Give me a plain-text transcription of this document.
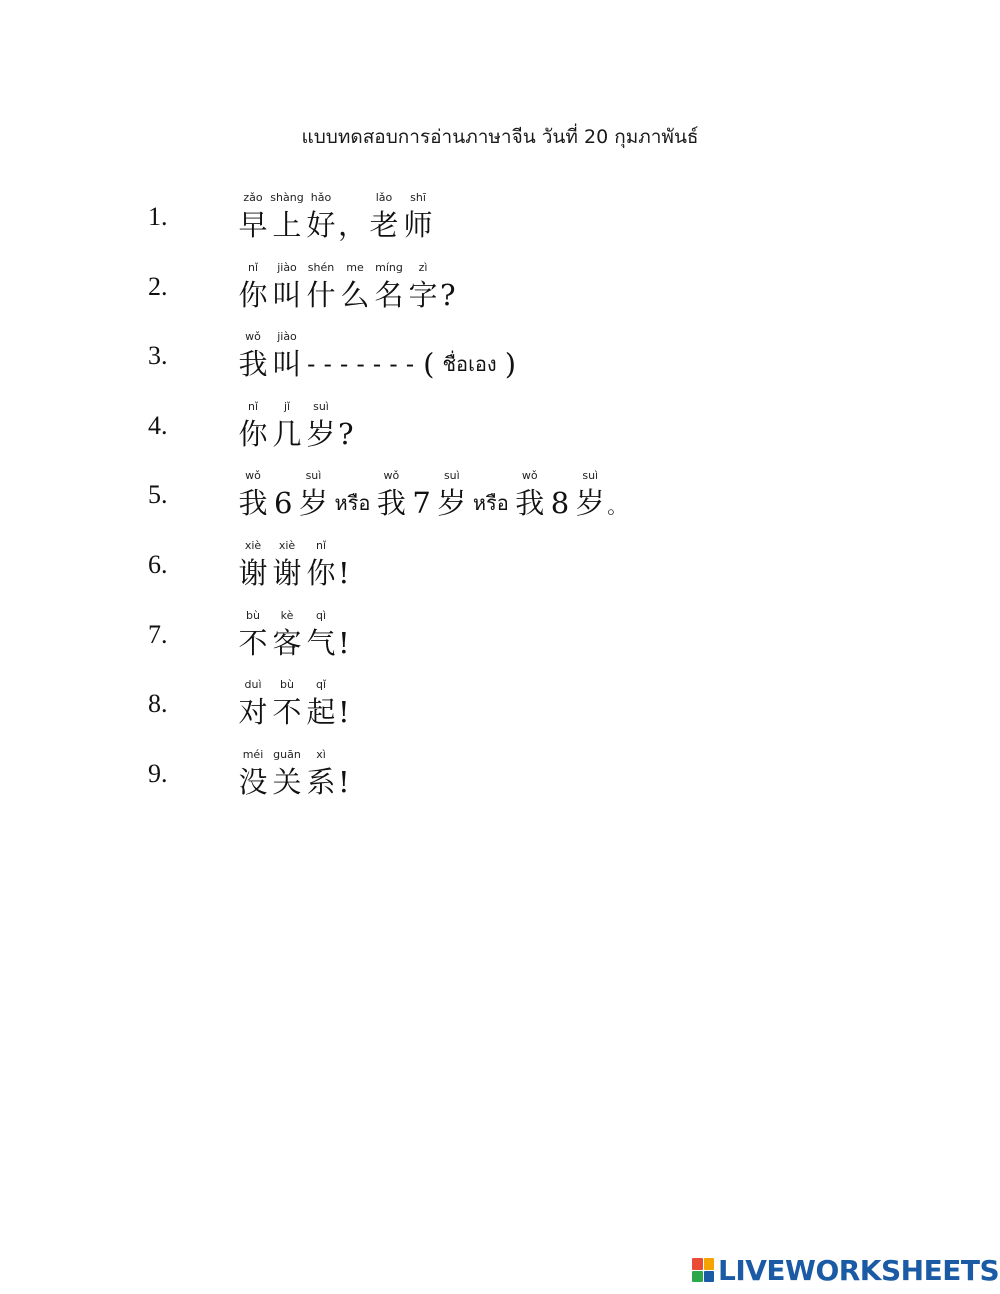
แบบทดสอบการอ่านภาษาจีน วันที่ 20 กุมภาพันธ์
1.
zǎo
早
shàng
上
hǎo
好 ，
lǎo
老
shī
师
2.
nǐ
你
jiào
叫
shén
什
me
么
míng
名
zì
字 ?
3.
wǒ
我
jiào
叫 ------- ( ชื่อเอง )
4.
nǐ
你
jǐ
几
suì
岁 ?
5.
wǒ
我 6
suì
岁 หรือ
wǒ
我 7
suì
岁 หรือ
wǒ
我 8
suì
岁 。
6.
xiè
谢
xiè
谢
nǐ
你 !
7.
bù
不
kè
客
qì
气 !
8.
duì
对
bù
不
qǐ
起 !
9.
méi
没
guān
关
xì
系 !
LIVEWORKSHEETS
